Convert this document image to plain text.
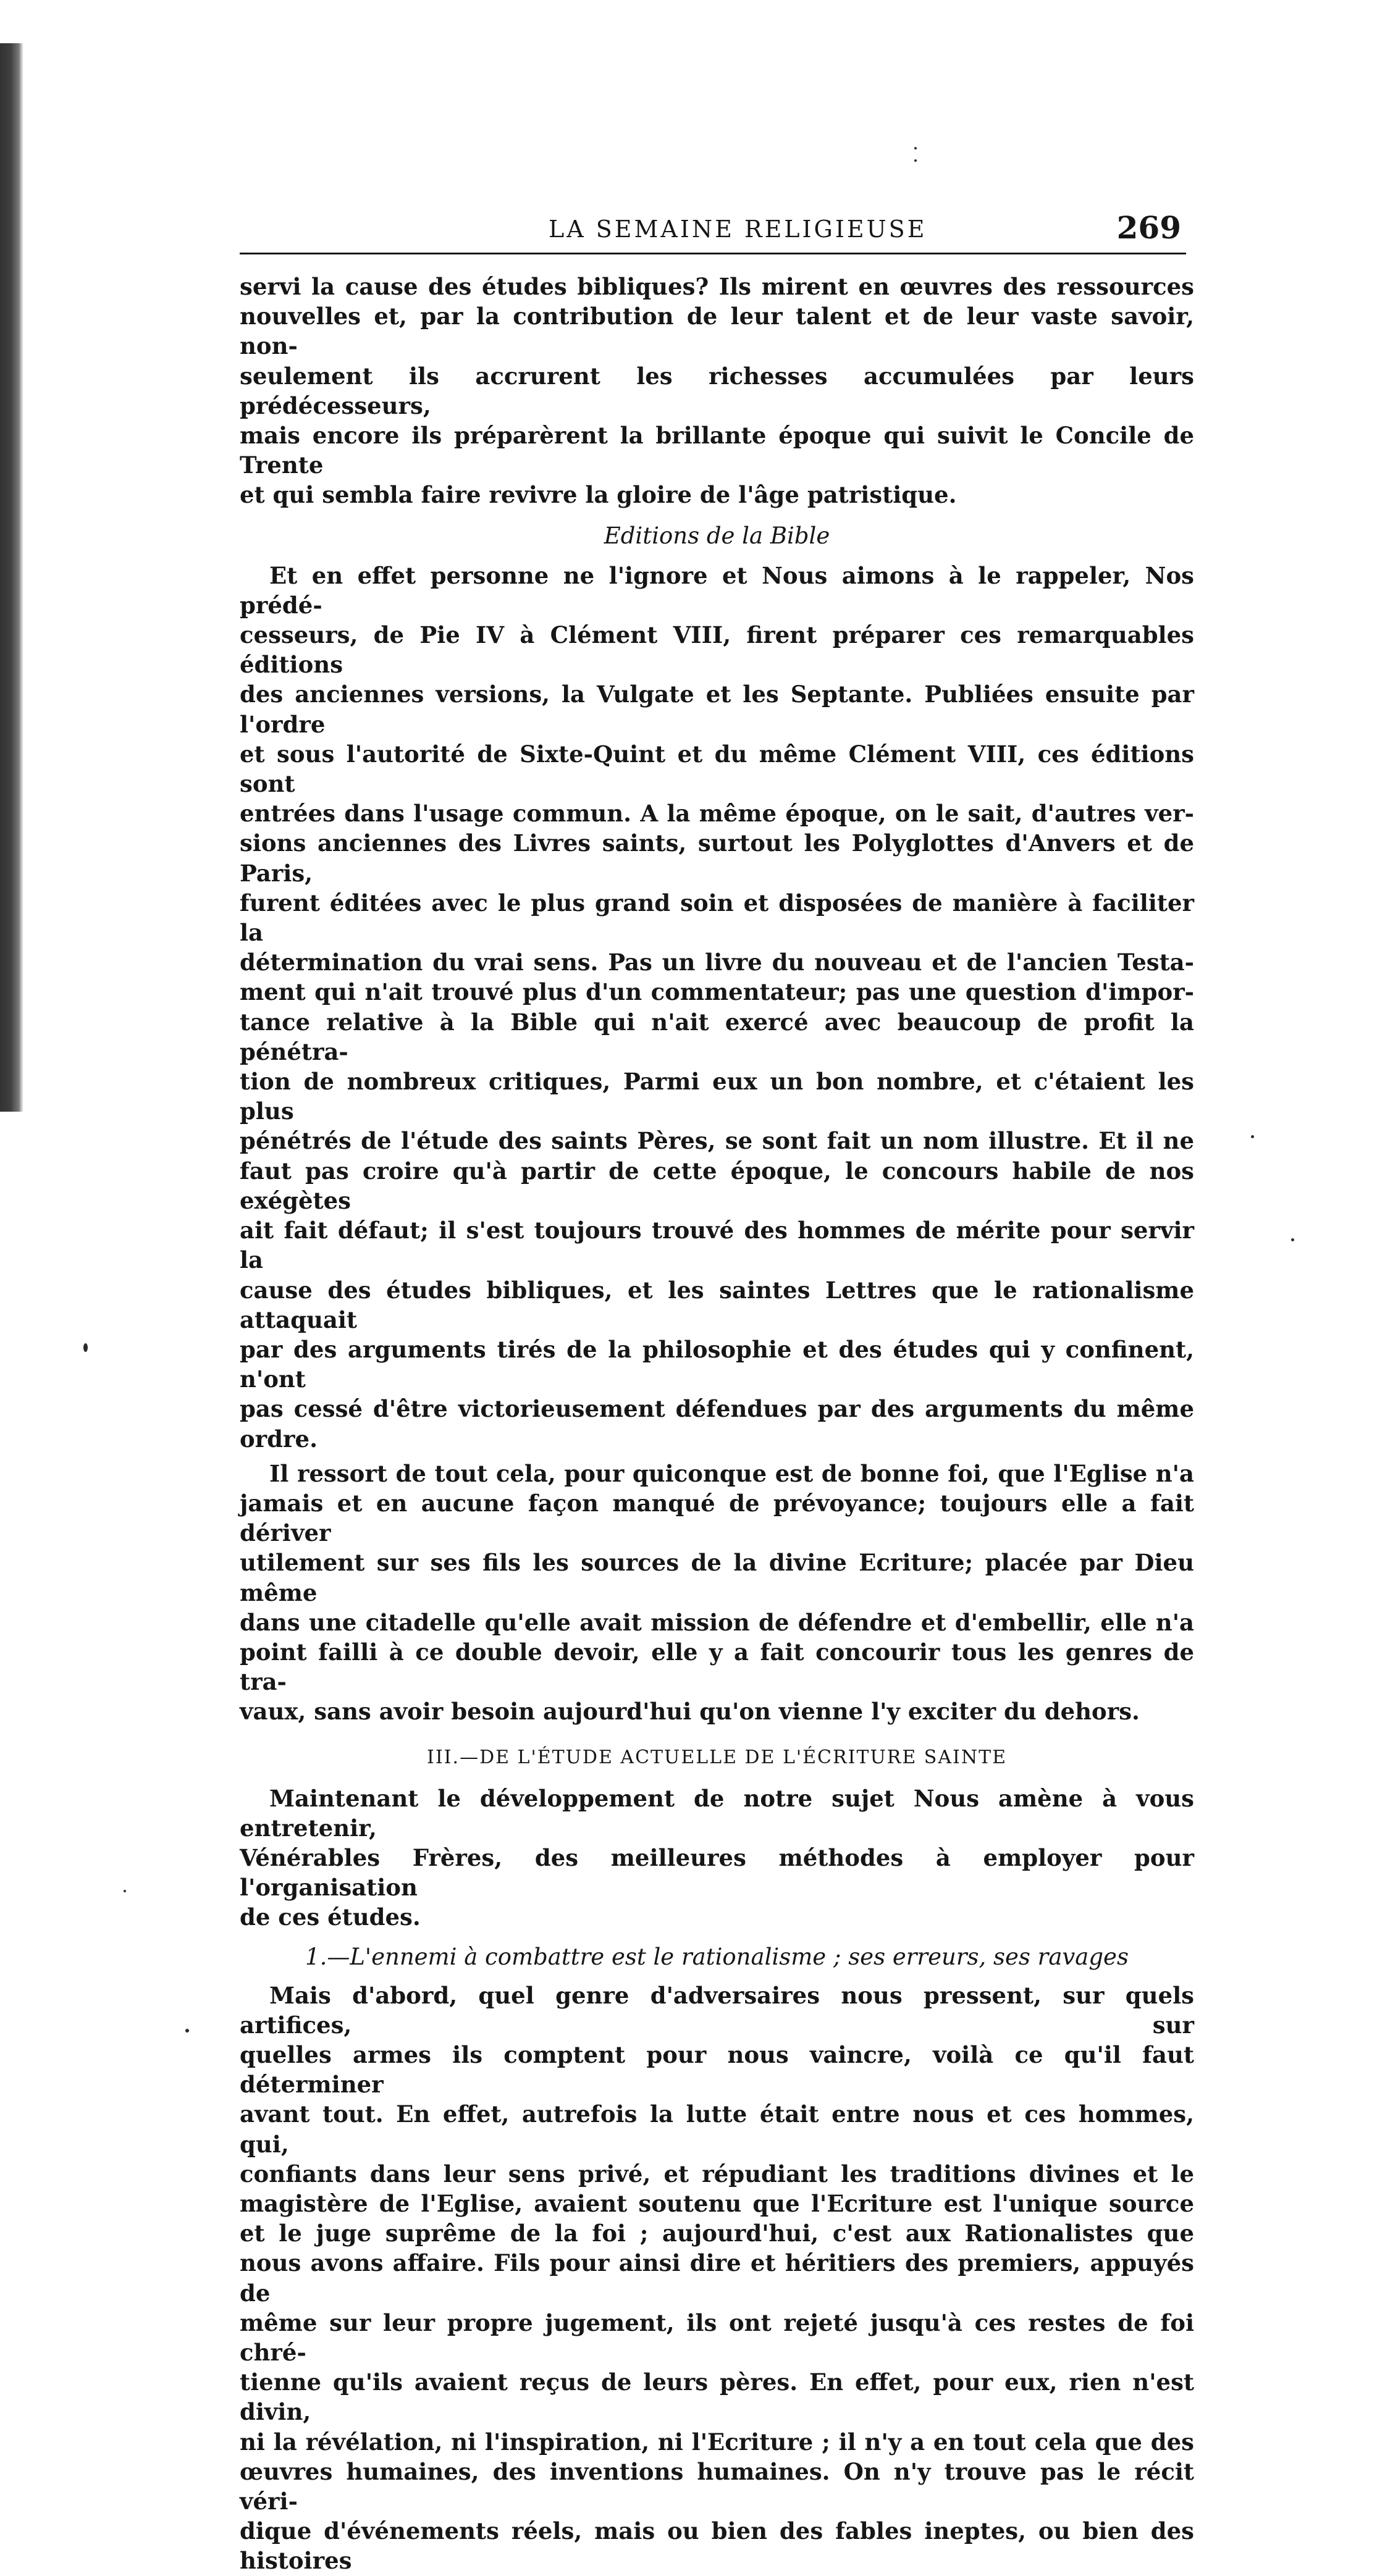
LA SEMAINE RELIGIEUSE	269

servi la cause des études bibliques? Ils mirent en œuvres des ressources

nouvelles et, par la contribution de leur talent et de leur vaste savoir, non-

seulement ils accrurent les richesses accumulées par leurs prédécesseurs,

mais encore ils préparèrent la brillante époque qui suivit le Concile de Trente

et qui sembla faire revivre la gloire de l'âge patristique.

Editions de la Bible

Et en effet personne ne l'ignore et Nous aimons à le rappeler, Nos prédé-

cesseurs, de Pie IV à Clément VIII, firent préparer ces remarquables éditions

des anciennes versions, la Vulgate et les Septante. Publiées ensuite par l'ordre

et sous l'autorité de Sixte-Quint et du même Clément VIII, ces éditions sont

entrées dans l'usage commun. A la même époque, on le sait, d'autres ver-

sions anciennes des Livres saints, surtout les Polyglottes d'Anvers et de Paris,

furent éditées avec le plus grand soin et disposées de manière à faciliter la

détermination du vrai sens. Pas un livre du nouveau et de l'ancien Testa-

ment qui n'ait trouvé plus d'un commentateur; pas une question d'impor-

tance relative à la Bible qui n'ait exercé avec beaucoup de profit la pénétra-

tion de nombreux critiques, Parmi eux un bon nombre, et c'étaient les plus

pénétrés de l'étude des saints Pères, se sont fait un nom illustre. Et il ne

faut pas croire qu'à partir de cette époque, le concours habile de nos exégètes

ait fait défaut; il s'est toujours trouvé des hommes de mérite pour servir la

cause des études bibliques, et les saintes Lettres que le rationalisme attaquait

par des arguments tirés de la philosophie et des études qui y confinent, n'ont

pas cessé d'être victorieusement défendues par des arguments du même

ordre.

Il ressort de tout cela, pour quiconque est de bonne foi, que l'Eglise n'a

jamais et en aucune façon manqué de prévoyance; toujours elle a fait dériver

utilement sur ses fils les sources de la divine Ecriture; placée par Dieu même

dans une citadelle qu'elle avait mission de défendre et d'embellir, elle n'a

point failli à ce double devoir, elle y a fait concourir tous les genres de tra-

vaux, sans avoir besoin aujourd'hui qu'on vienne l'y exciter du dehors.

III.—DE L'ÉTUDE ACTUELLE DE L'ÉCRITURE SAINTE

Maintenant le développement de notre sujet Nous amène à vous entretenir,

Vénérables Frères, des meilleures méthodes à employer pour l'organisation

de ces études.

1.—L'ennemi à combattre est le rationalisme ; ses erreurs, ses ravages

Mais d'abord, quel genre d'adversaires nous pressent, sur quels artifices, sur

quelles armes ils comptent pour nous vaincre, voilà ce qu'il faut déterminer

avant tout. En effet, autrefois la lutte était entre nous et ces hommes, qui,

confiants dans leur sens privé, et répudiant les traditions divines et le

magistère de l'Eglise, avaient soutenu que l'Ecriture est l'unique source

et le juge suprême de la foi ; aujourd'hui, c'est aux Rationalistes que

nous avons affaire. Fils pour ainsi dire et héritiers des premiers, appuyés de

même sur leur propre jugement, ils ont rejeté jusqu'à ces restes de foi chré-

tienne qu'ils avaient reçus de leurs pères. En effet, pour eux, rien n'est divin,

ni la révélation, ni l'inspiration, ni l'Ecriture ; il n'y a en tout cela que des

œuvres humaines, des inventions humaines. On n'y trouve pas le récit véri-

dique d'événements réels, mais ou bien des fables ineptes, ou bien des histoires
